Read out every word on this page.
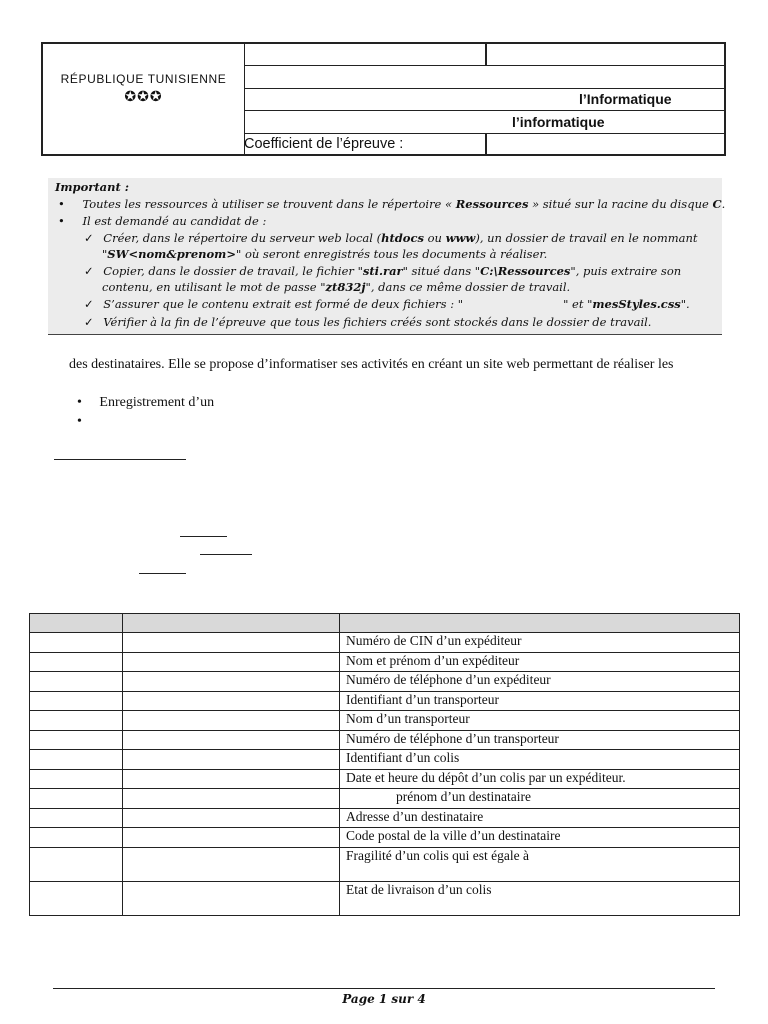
RÉPUBLIQUE TUNISIENNE
✪✪✪	l’Informatique
l’informatique
Coefficient de l’épreuve :
Important :
• Toutes les ressources à utiliser se trouvent dans le répertoire « Ressources » situé sur la racine du disque C.
• Il est demandé au candidat de :
✓ Créer, dans le répertoire du serveur web local (htdocs ou www), un dossier de travail en le nommant
"SW<nom&prenom>" où seront enregistrés tous les documents à réaliser.
✓ Copier, dans le dossier de travail, le fichier "sti.rar" situé dans "C:\Ressources", puis extraire son
contenu, en utilisant le mot de passe "zt832j", dans ce même dossier de travail.
✓ S’assurer que le contenu extrait est formé de deux fichiers : "	" et "mesStyles.css".
✓ Vérifier à la fin de l’épreuve que tous les fichiers créés sont stockés dans le dossier de travail.
des destinataires. Elle se propose d’informatiser ses activités en créant un site web permettant de réaliser les
• Enregistrement d’un
•

		Numéro de CIN d’un expéditeur
		Nom et prénom d’un expéditeur
		Numéro de téléphone d’un expéditeur
		Identifiant d’un transporteur
		Nom d’un transporteur
		Numéro de téléphone d’un transporteur
		Identifiant d’un colis
		Date et heure du dépôt d’un colis par un expéditeur.
		prénom d’un destinataire
		Adresse d’un destinataire
		Code postal de la ville d’un destinataire
		Fragilité d’un colis qui est égale à
		Etat de livraison d’un colis
Page 1 sur 4
